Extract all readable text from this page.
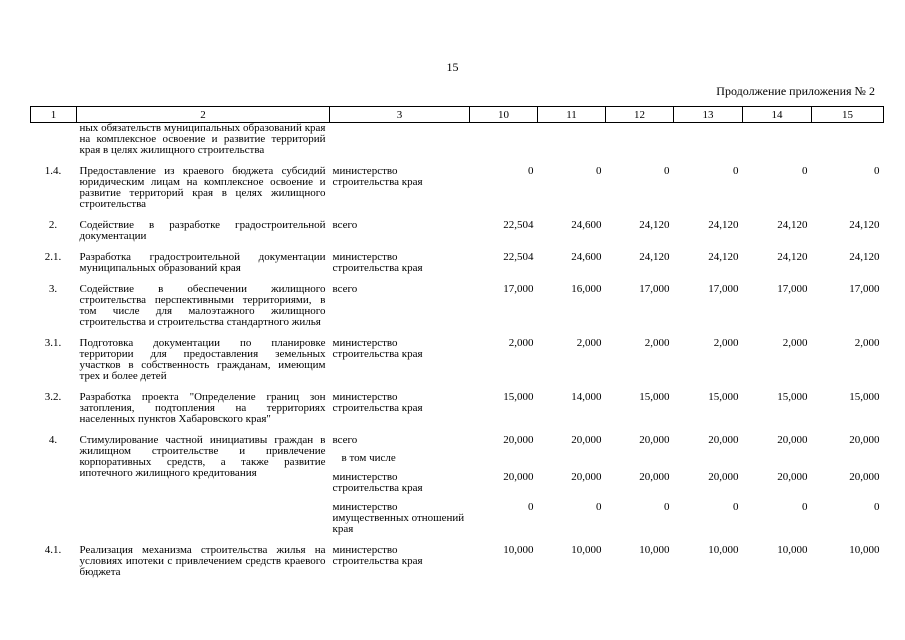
15
Продолжение приложения № 2
1	2	3	10	11	12	13	14	15
	ных обязательств муниципальных образований края на комплексное освоение и развитие территорий края в целях жилищного строительства							

1.4.	Предоставление из краевого бюджета субсидий юридическим лицам на комплексное освоение и развитие территорий края в целях жилищного строительства	министерство строительства края	0	0	0	0	0	0

2.	Содействие в разработке градостроительной документации	всего	22,504	24,600	24,120	24,120	24,120	24,120

2.1.	Разработка градостроительной документации муниципальных образований края	министерство строительства края	22,504	24,600	24,120	24,120	24,120	24,120

3.	Содействие в обеспечении жилищного строительства перспективными территориями, в том числе для малоэтажного жилищного строительства и строительства стандартного жилья	всего	17,000	16,000	17,000	17,000	17,000	17,000

3.1.	Подготовка документации по планировке территории для предоставления земельных участков в собственность гражданам, имеющим трех и более детей	министерство строительства края	2,000	2,000	2,000	2,000	2,000	2,000

3.2.	Разработка проекта "Определение границ зон затопления, подтопления на территориях населенных пунктов Хабаровского края"	министерство строительства края	15,000	14,000	15,000	15,000	15,000	15,000

4.	Стимулирование частной инициативы граждан в жилищном строительстве и привлечение корпоративных средств, а также развитие ипотечного жилищного кредитования	всего	20,000	20,000	20,000	20,000	20,000	20,000
		в том числе						
		министерство строительства края	20,000	20,000	20,000	20,000	20,000	20,000
		министерство имущественных отношений края	0	0	0	0	0	0

4.1.	Реализация механизма строительства жилья на условиях ипотеки с привлечением средств краевого бюджета	министерство строительства края	10,000	10,000	10,000	10,000	10,000	10,000
